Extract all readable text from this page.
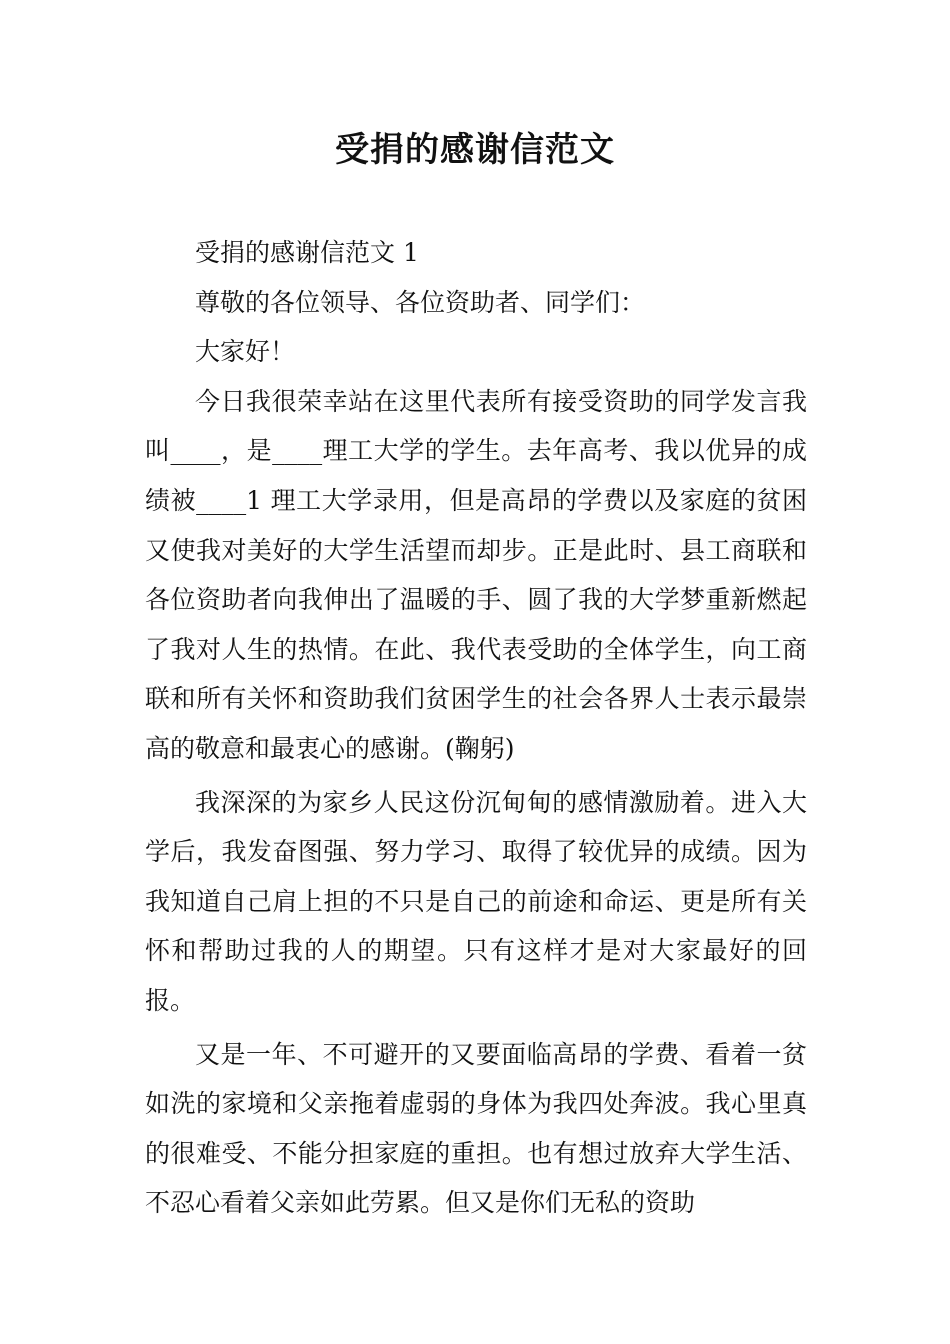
受捐的感谢信范文

受捐的感谢信范文 1

尊敬的各位领导、各位资助者、同学们：

大家好！

今日我很荣幸站在这里代表所有接受资助的同学发言我叫____，是____理工大学的学生。去年高考、我以优异的成绩被____1 理工大学录用，但是高昂的学费以及家庭的贫困又使我对美好的大学生活望而却步。正是此时、县工商联和各位资助者向我伸出了温暖的手、圆了我的大学梦重新燃起了我对人生的热情。在此、我代表受助的全体学生，向工商联和所有关怀和资助我们贫困学生的社会各界人士表示最崇高的敬意和最衷心的感谢。(鞠躬)

我深深的为家乡人民这份沉甸甸的感情激励着。进入大学后，我发奋图强、努力学习、取得了较优异的成绩。因为我知道自己肩上担的不只是自己的前途和命运、更是所有关怀和帮助过我的人的期望。只有这样才是对大家最好的回报。

又是一年、不可避开的又要面临高昂的学费、看着一贫如洗的家境和父亲拖着虚弱的身体为我四处奔波。我心里真的很难受、不能分担家庭的重担。也有想过放弃大学生活、不忍心看着父亲如此劳累。但又是你们无私的资助
